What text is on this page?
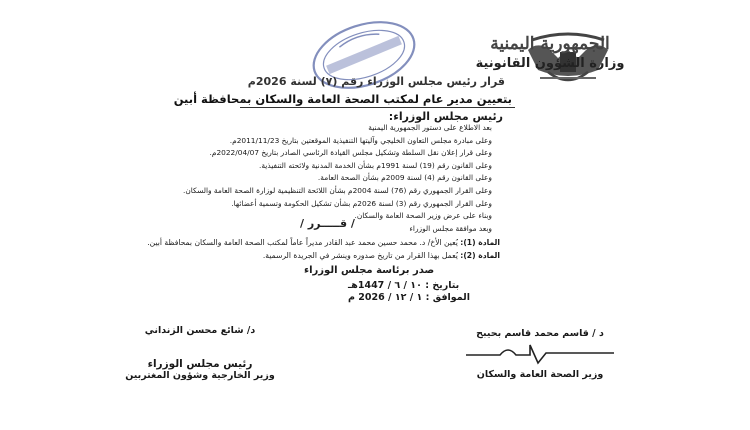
الجمهورية اليمنية
وزارة الشؤون القانونية
قرار رئيس مجلس الوزراء رقم (٧) لسنة 2026م
بتعيين مدير عام لمكتب الصحة العامة والسكان بمحافظة أبين
رئيس مجلس الوزراء:
بعد الاطلاع على دستور الجمهورية اليمنية
وعلى مبادرة مجلس التعاون الخليجي وآليتها التنفيذية الموقعتين بتاريخ 2011/11/23م.
وعلى قرار إعلان نقل السلطة وتشكيل مجلس القيادة الرئاسي الصادر بتاريخ 2022/04/07م.
وعلى القانون رقم (19) لسنة 1991م بشأن الخدمة المدنية ولائحته التنفيذية.
وعلى القانون رقم (4) لسنة 2009م بشأن الصحة العامة.
وعلى القرار الجمهوري رقم (76) لسنة 2004م بشأن اللائحة التنظيمية لوزارة الصحة العامة والسكان.
وعلى القرار الجمهوري رقم (3) لسنة 2026م بشأن تشكيل الحكومة وتسمية أعضائها.
وبناء على عرض وزير الصحة العامة والسكان.
وبعد موافقة مجلس الوزراء
/ قـــــرر /
المادة (1): يُعين الأخ/ د. محمد حسين محمد عبد القادر مديراً عاماً لمكتب الصحة العامة والسكان بمحافظة أبين.
المادة (2): يُعمل بهذا القرار من تاريخ صدوره وينشر في الجريدة الرسمية.
صدر برئاسة مجلس الوزراء
بتاريخ : ١٠ / ٦ / 1447هـ
الموافق : ١ / ١٢ / 2026 م
د/ شائع محسن الزنداني
رئيس مجلس الوزراء
وزير الخارجية وشؤون المغتربين
د / قاسم محمد قاسم بحيبح
وزير الصحة العامة والسكان
